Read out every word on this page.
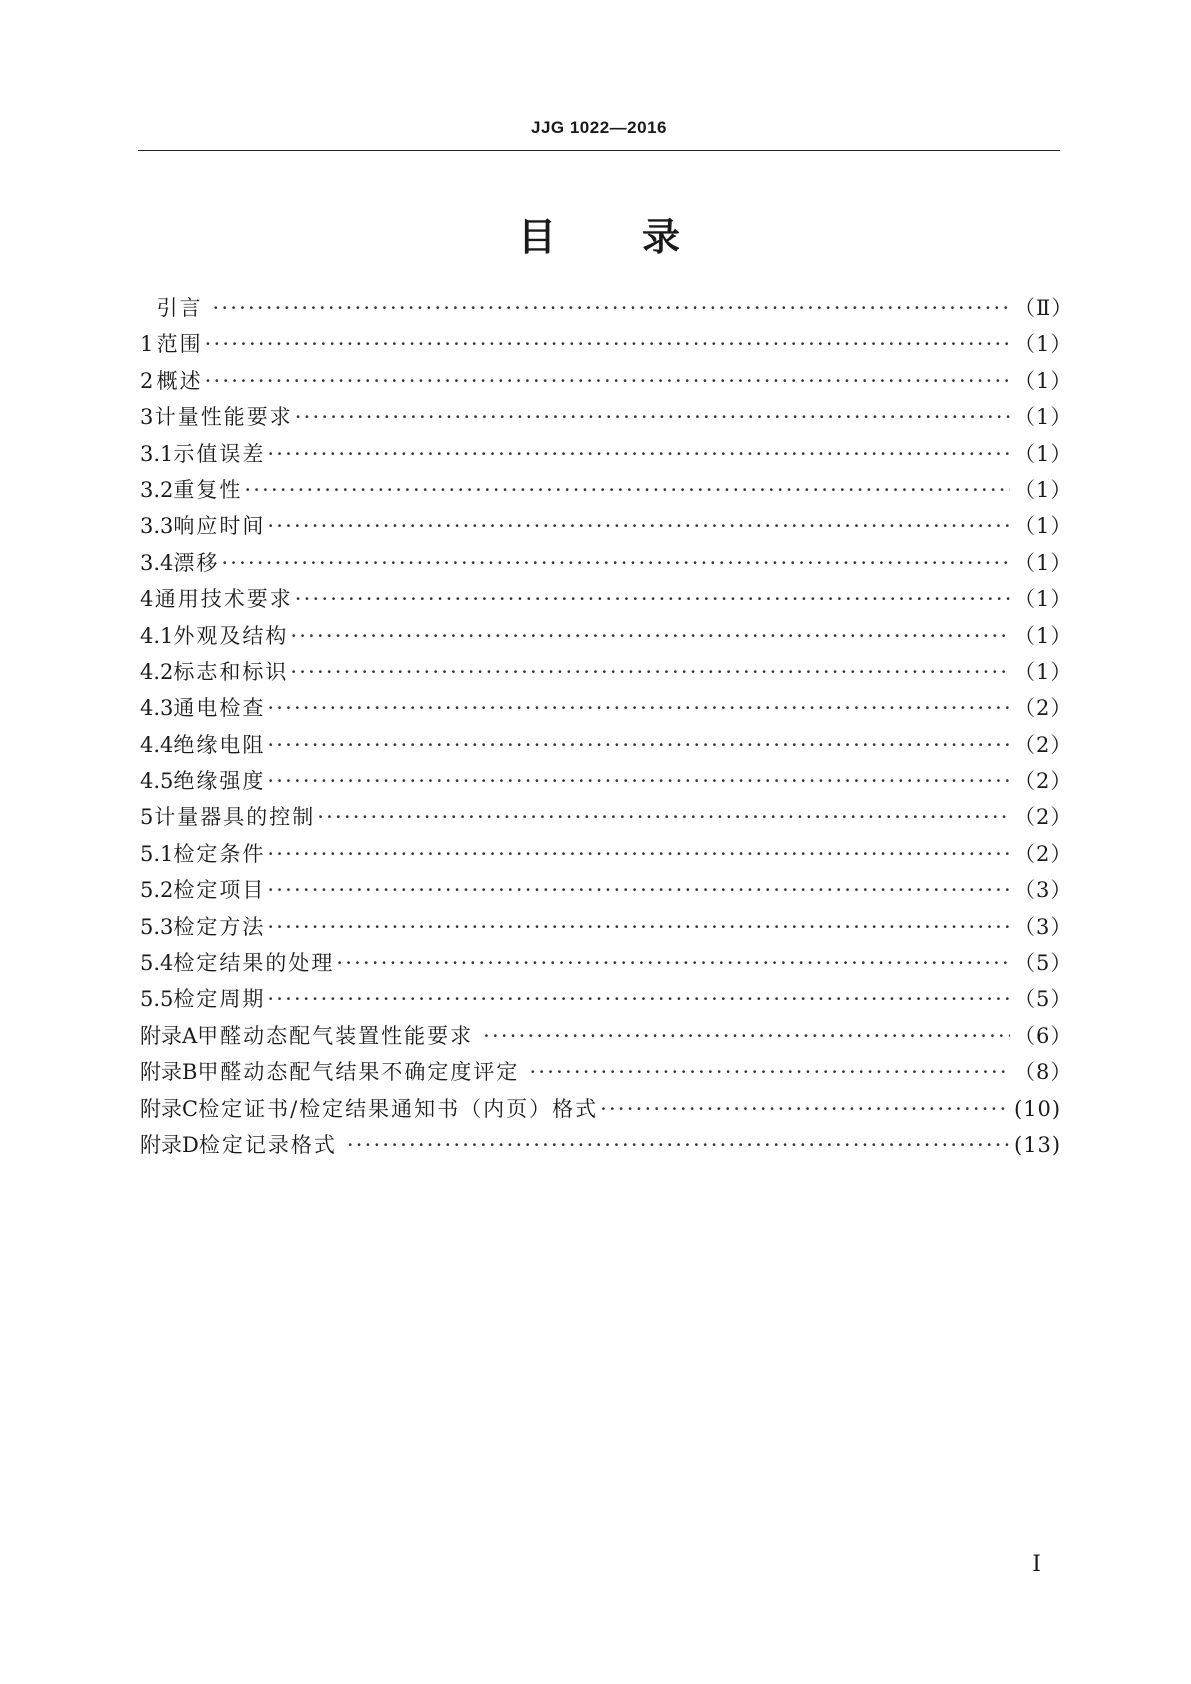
JJG 1022—2016
目 录
引言 ·····	（Ⅱ）
1 范围 ·····	（1）
2 概述 ·····	（1）
3 计量性能要求 ·····	（1）
3.1 示值误差 ·····	（1）
3.2 重复性 ·····	（1）
3.3 响应时间 ·····	（1）
3.4 漂移 ·····	（1）
4 通用技术要求 ·····	（1）
4.1 外观及结构 ·····	（1）
4.2 标志和标识 ·····	（1）
4.3 通电检查 ·····	（2）
4.4 绝缘电阻 ·····	（2）
4.5 绝缘强度 ·····	（2）
5 计量器具的控制 ·····	（2）
5.1 检定条件 ·····	（2）
5.2 检定项目 ·····	（3）
5.3 检定方法 ·····	（3）
5.4 检定结果的处理 ·····	（5）
5.5 检定周期 ·····	（5）
附录A 甲醛动态配气装置性能要求 ·····	（6）
附录B 甲醛动态配气结果不确定度评定 ·····	（8）
附录C 检定证书/检定结果通知书（内页）格式 ·····	(10)
附录D 检定记录格式 ·····	(13)
I
